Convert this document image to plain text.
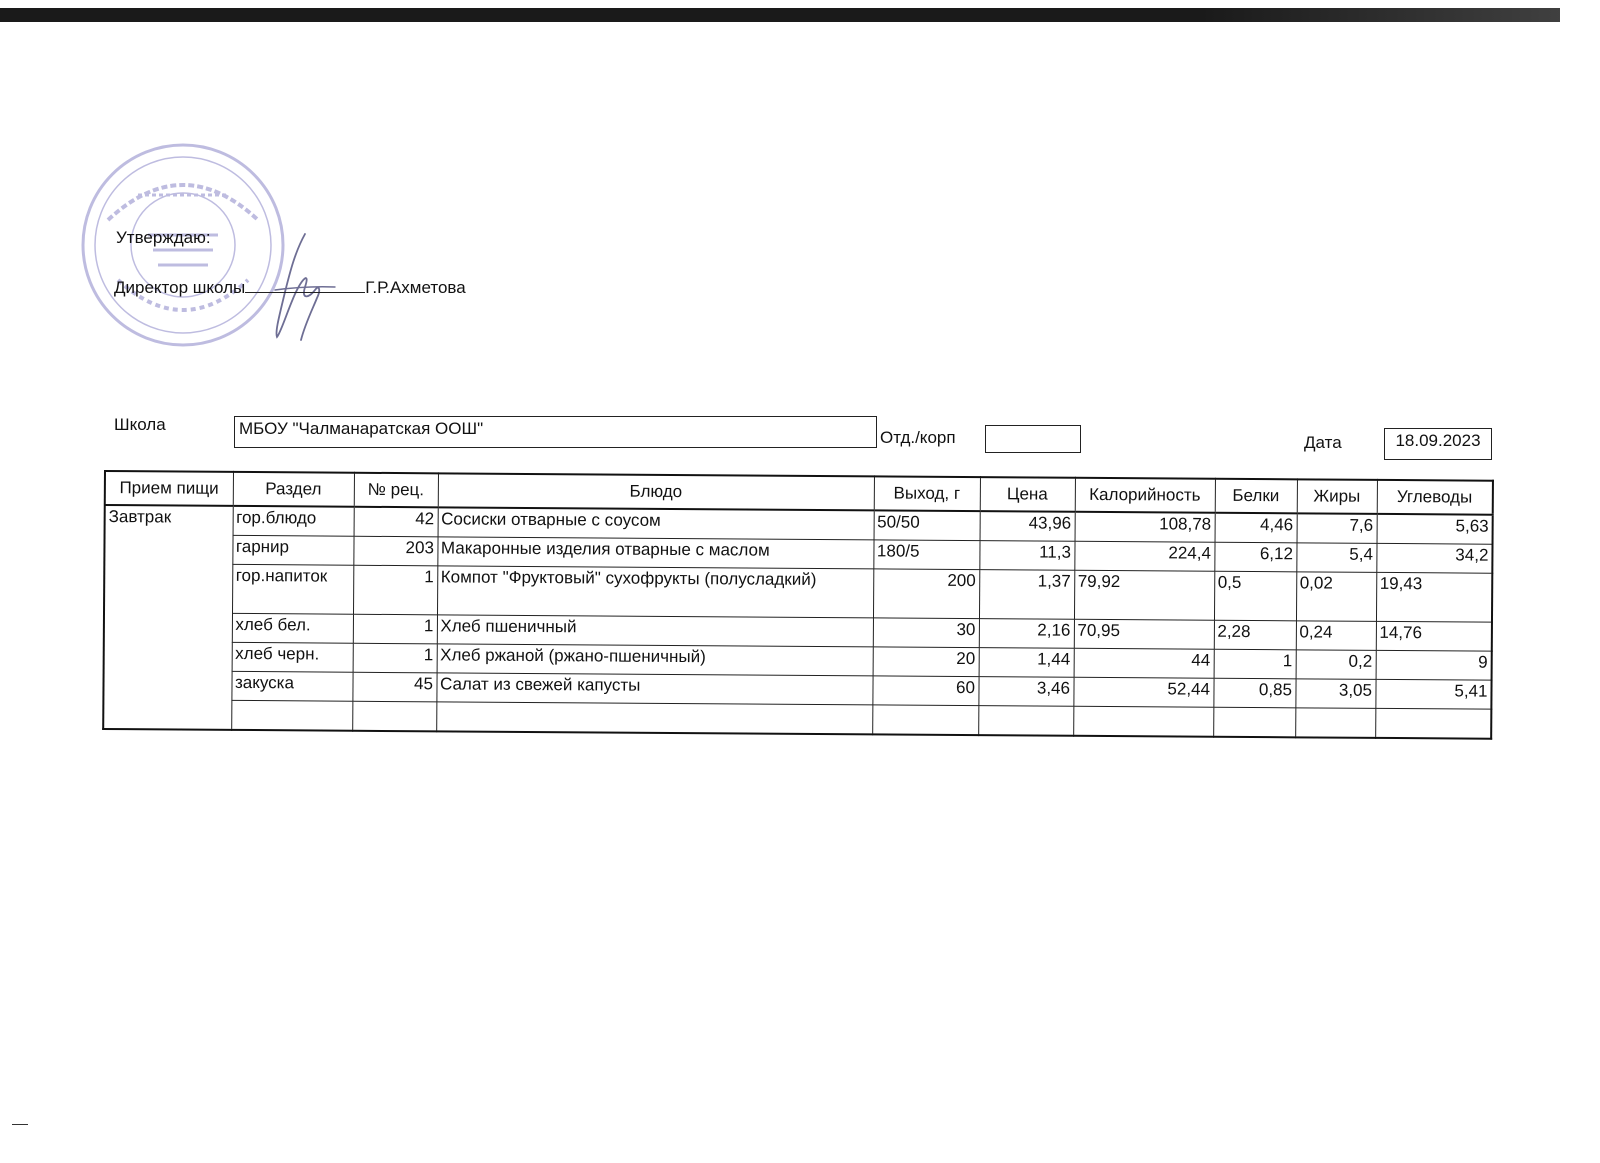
Утверждаю:
Директор школы	Г.Р.Ахметова
Школа	МБОУ "Чалманаратская ООШ"	Отд./корп	Дата	18.09.2023
Прием пищи	Раздел	№ рец.	Блюдо	Выход, г	Цена	Калорийность	Белки	Жиры	Углеводы
Завтрак	гор.блюдо	42	Сосиски отварные с соусом	50/50	43,96	108,78	4,46	7,6	5,63
	гарнир	203	Макаронные изделия отварные с маслом	180/5	11,3	224,4	6,12	5,4	34,2
	гор.напиток	1	Компот "Фруктовый" сухофрукты (полусладкий)	200	1,37	79,92	0,5	0,02	19,43
	хлеб бел.	1	Хлеб пшеничный	30	2,16	70,95	2,28	0,24	14,76
	хлеб черн.	1	Хлеб ржаной (ржано-пшеничный)	20	1,44	44	1	0,2	9
	закуска	45	Салат из свежей капусты	60	3,46	52,44	0,85	3,05	5,41
